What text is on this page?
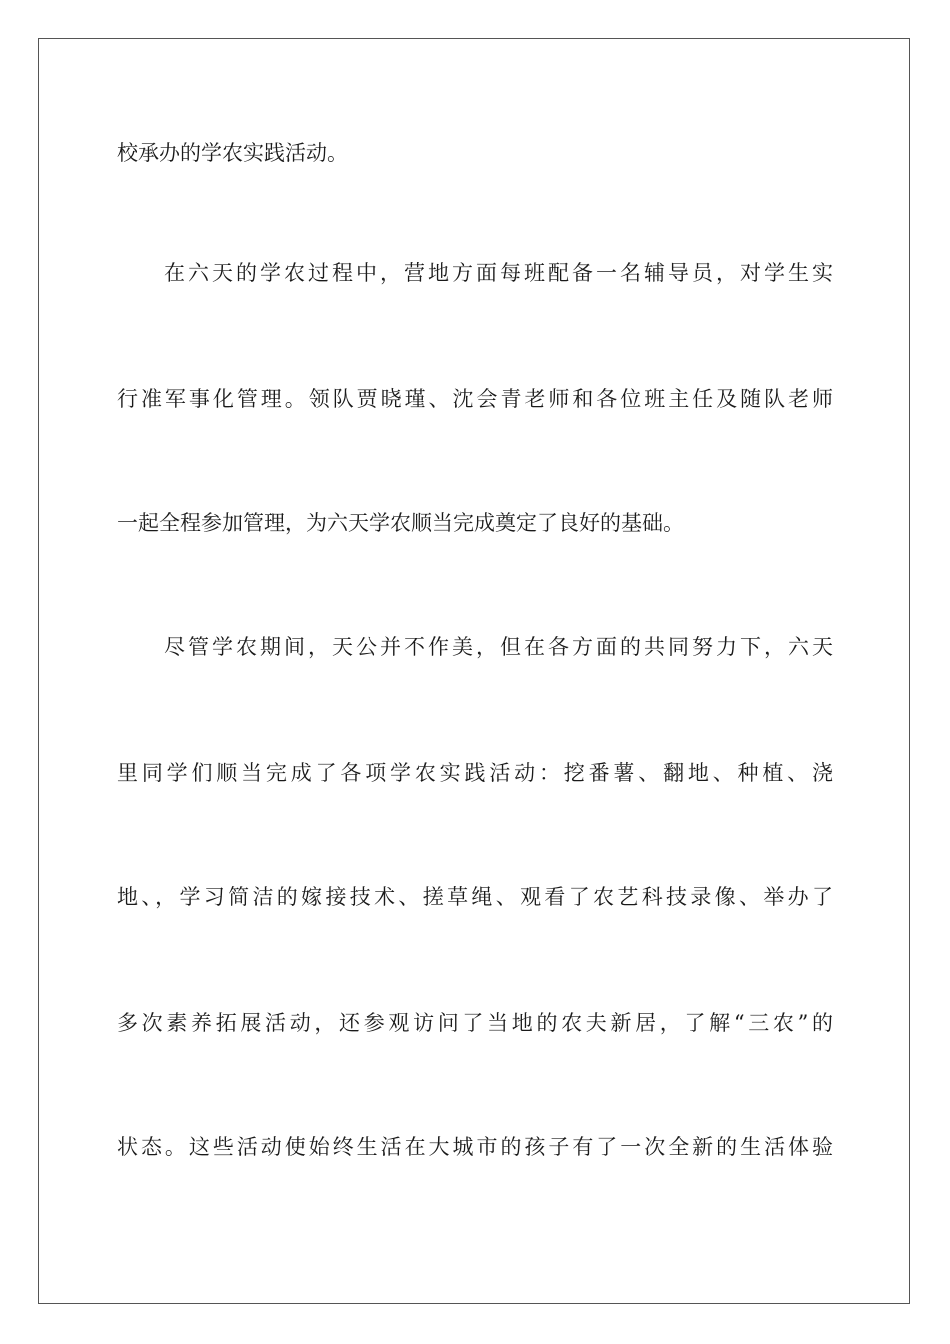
校承办的学农实践活动。
在六天的学农过程中，营地方面每班配备一名辅导员，对学生实
行准军事化管理。领队贾晓瑾、沈会青老师和各位班主任及随队老师
一起全程参加管理，为六天学农顺当完成奠定了良好的基础。
尽管学农期间，天公并不作美，但在各方面的共同努力下，六天
里同学们顺当完成了各项学农实践活动：挖番薯、翻地、种植、浇
地、，学习简洁的嫁接技术、搓草绳、观看了农艺科技录像、举办了
多次素养拓展活动，还参观访问了当地的农夫新居，了解“三农”的
状态。这些活动使始终生活在大城市的孩子有了一次全新的生活体验
